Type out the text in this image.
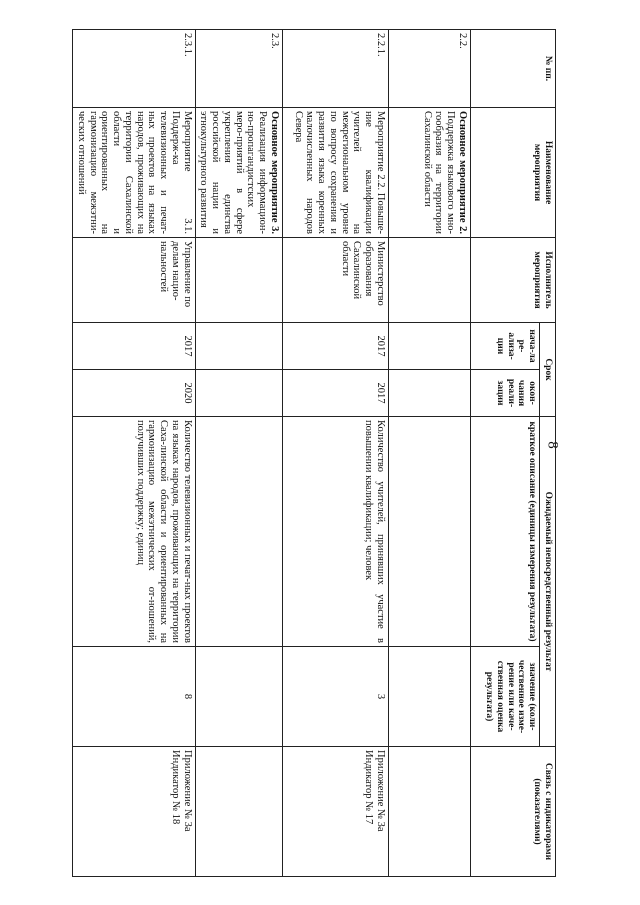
8
№ пп.	Наименование мероприятия	Исполнитель мероприятия	Срок		Ожидаемый непосредственный результат		Связь с индикаторами (показателями)
			нача-ла ре-ализа-ции	окон-чания реали-зации	краткое описание (единицы измерения результата)	значение (коли-чественное изме-рение или каче-ственная оценка результата)	
2.2.	Основное мероприятие 2. Поддержка языкового мно-гообразия на территории Сахалинской области						
2.2.1.	Мероприятие 2.2. Повыше-ние квалификации учителей на межрегиональном уровне по вопросу сохранения и развития языка коренных малочисленных народов Севера	Министерство образования Сахалинской области	2017	2017	Количество учителей, принявших участие в повышении квалификации; человек	3	Приложение № 3а Индикатор № 17
2.3.	Основное мероприятие 3. Реализация информацион-но-пропагандистских меро-приятий в сфере укрепления единства российской нации и этнокультурного развития						
2.3.1.	Мероприятие 3.1. Поддерж-ка телевизионных и печат-ных проектов на языках народов, проживающих на территории Сахалинской области и ориентированных на гармонизацию межэтни-ческих отношений	Управление по делам нацио-нальностей	2017	2020	Количество телевизионных и печат-ных проектов на языках народов, проживающих на территории Саха-линской области и ориентированных на гармонизацию межэтнических от-ношений, получивших поддержку; единиц	8	Приложение № 3а Индикатор № 18
